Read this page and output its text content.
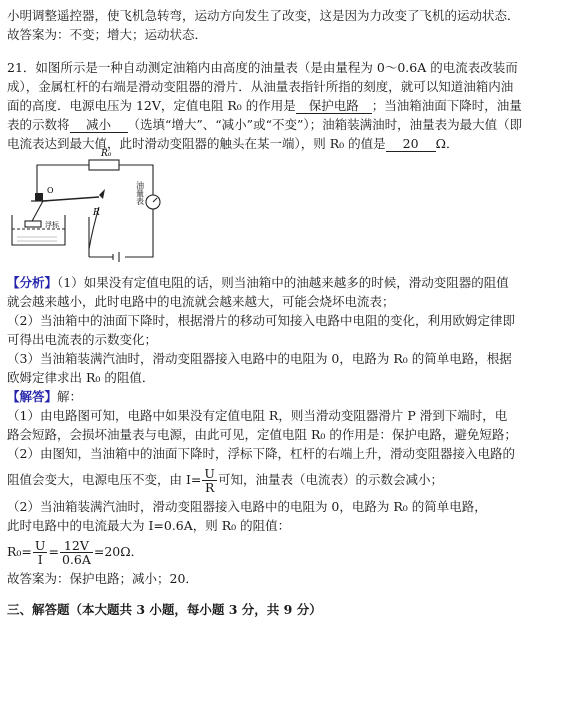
小明调整遥控器，使飞机急转弯，运动方向发生了改变，这是因为力改变了飞机的运动状态．
故答案为：不变；增大；运动状态．
21．如图所示是一种自动测定油箱内由高度的油量表（是由量程为 0～0.6A 的电流表改装而
成），金属杠杆的右端是滑动变阻器的滑片．从油量表指针所指的刻度，就可以知道油箱内油
面的高度．电源电压为 12V，定值电阻 R₀ 的作用是 保护电路 ；当油箱油面下降时，油量
表的示数将 减小 （选填“增大”、“减小”或“不变”）；油箱装满油时，油量表为最大值（即
电流表达到最大值，此时滑动变阻器的触头在某一端），则 R₀ 的值是 20 Ω．
R₀
油量表
O
R
浮标
【分析】（1）如果没有定值电阻的话，则当油箱中的油越来越多的时候，滑动变阻器的阻值
就会越来越小，此时电路中的电流就会越来越大，可能会烧坏电流表；
（2）当油箱中的油面下降时，根据滑片的移动可知接入电路中电阻的变化，利用欧姆定律即
可得出电流表的示数变化；
（3）当油箱装满汽油时，滑动变阻器接入电路中的电阻为 0，电路为 R₀ 的简单电路，根据
欧姆定律求出 R₀ 的阻值．
【解答】解：
（1）由电路图可知，电路中如果没有定值电阻 R，则当滑动变阻器滑片 P 滑到下端时，电
路会短路，会损坏油量表与电源，由此可见，定值电阻 R₀ 的作用是：保护电路，避免短路；
（2）由图知，当油箱中的油面下降时，浮标下降，杠杆的右端上升，滑动变阻器接入电路的
阻值会变大，电源电压不变，由 $I= \frac{U}{R}$ 可知，油量表（电流表）的示数会减小；
（2）当油箱装满汽油时，滑动变阻器接入电路中的电阻为 0，电路为 R₀ 的简单电路，
此时电路中的电流最大为 I=0.6A，则 R₀ 的阻值：
$R_0= \frac{U}{I} = \frac{12V}{0.6A} =20\Omega$．
故答案为：保护电路；减小；20．
三、解答题（本大题共 3 小题，每小题 3 分，共 9 分）
